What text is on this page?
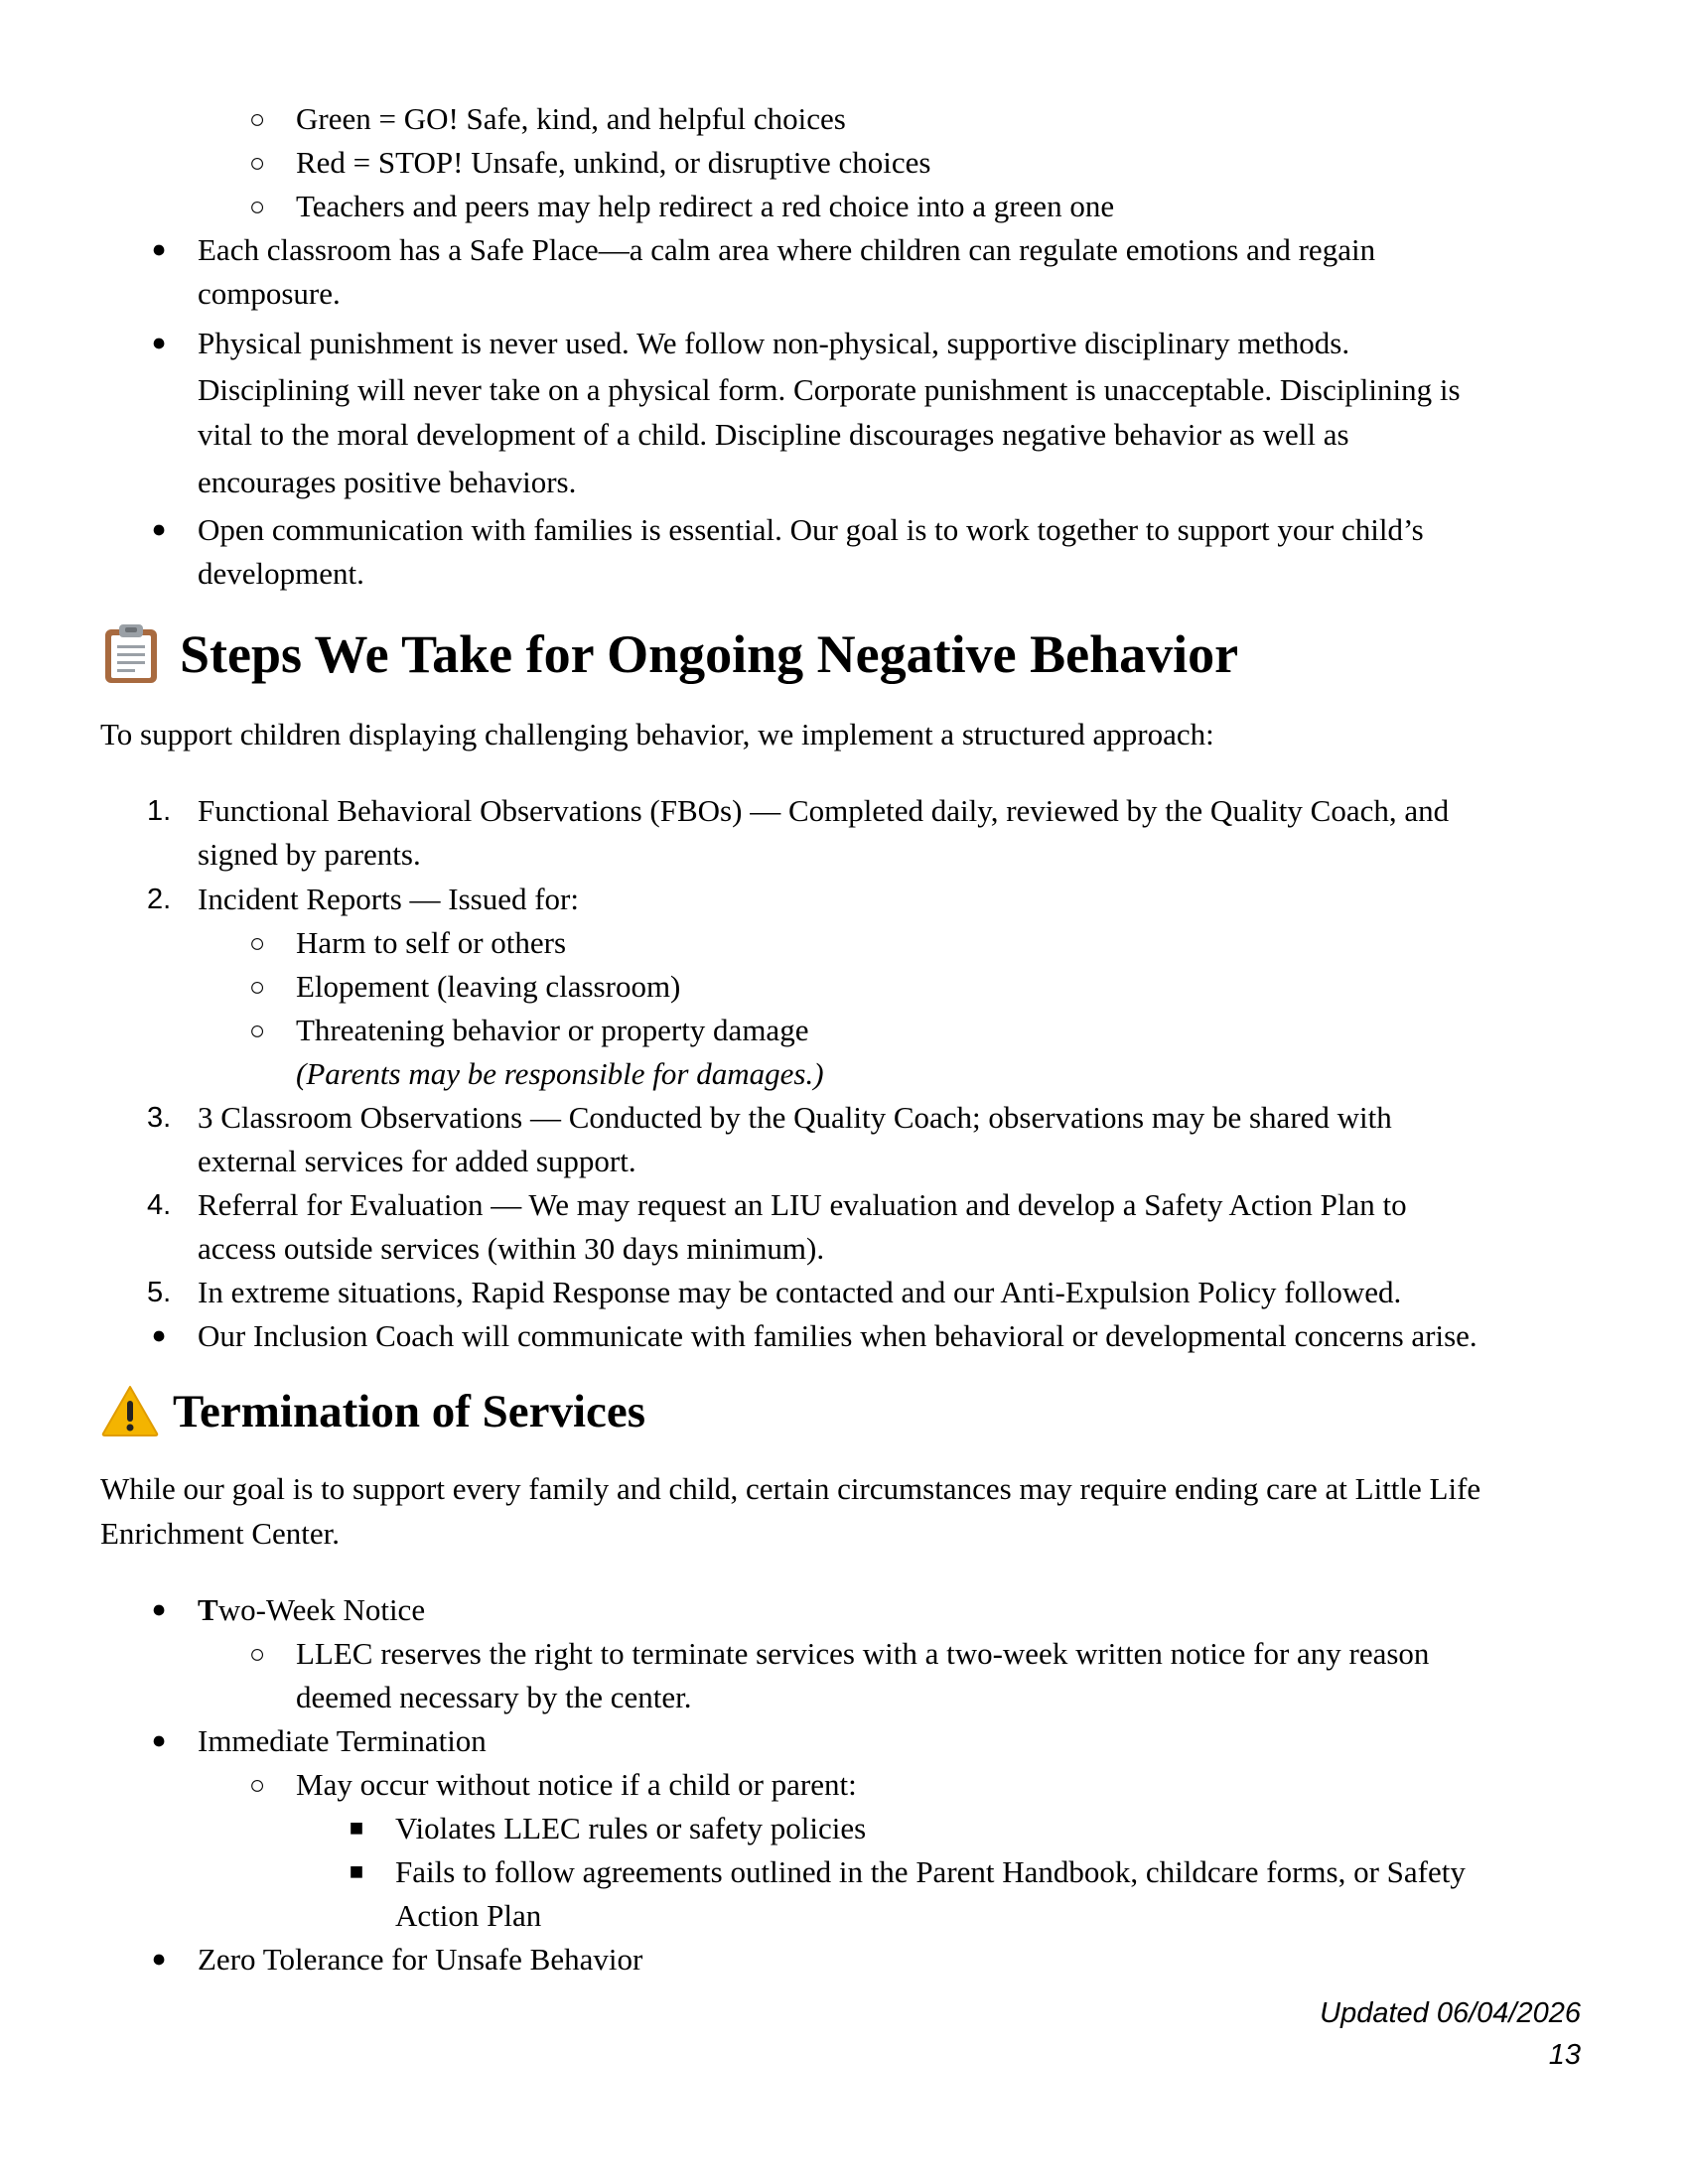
○ Green = GO! Safe, kind, and helpful choices
○ Red = STOP! Unsafe, unkind, or disruptive choices
○ Teachers and peers may help redirect a red choice into a green one
●	Each classroom has a Safe Place—a calm area where children can regulate emotions and regain
composure.
●	Physical punishment is never used. We follow non-physical, supportive disciplinary methods.
Disciplining will never take on a physical form. Corporate punishment is unacceptable. Disciplining is
vital to the moral development of a child. Discipline discourages negative behavior as well as
encourages positive behaviors.
●	Open communication with families is essential. Our goal is to work together to support your child’s
development.
Steps We Take for Ongoing Negative Behavior
To support children displaying challenging behavior, we implement a structured approach:
1. Functional Behavioral Observations (FBOs) — Completed daily, reviewed by the Quality Coach, and
signed by parents.
2. Incident Reports — Issued for:
○ Harm to self or others
○ Elopement (leaving classroom)
○ Threatening behavior or property damage
(Parents may be responsible for damages.)
3. 3 Classroom Observations — Conducted by the Quality Coach; observations may be shared with
external services for added support.
4. Referral for Evaluation — We may request an LIU evaluation and develop a Safety Action Plan to
access outside services (within 30 days minimum).
5. In extreme situations, Rapid Response may be contacted and our Anti-Expulsion Policy followed.
●	Our Inclusion Coach will communicate with families when behavioral or developmental concerns arise.
Termination of Services
While our goal is to support every family and child, certain circumstances may require ending care at Little Life
Enrichment Center.
●	Two-Week Notice
○ LLEC reserves the right to terminate services with a two-week written notice for any reason
deemed necessary by the center.
●	Immediate Termination
○ May occur without notice if a child or parent:
■	Violates LLEC rules or safety policies
■	Fails to follow agreements outlined in the Parent Handbook, childcare forms, or Safety
Action Plan
●	Zero Tolerance for Unsafe Behavior
Updated 06/04/2026
13
